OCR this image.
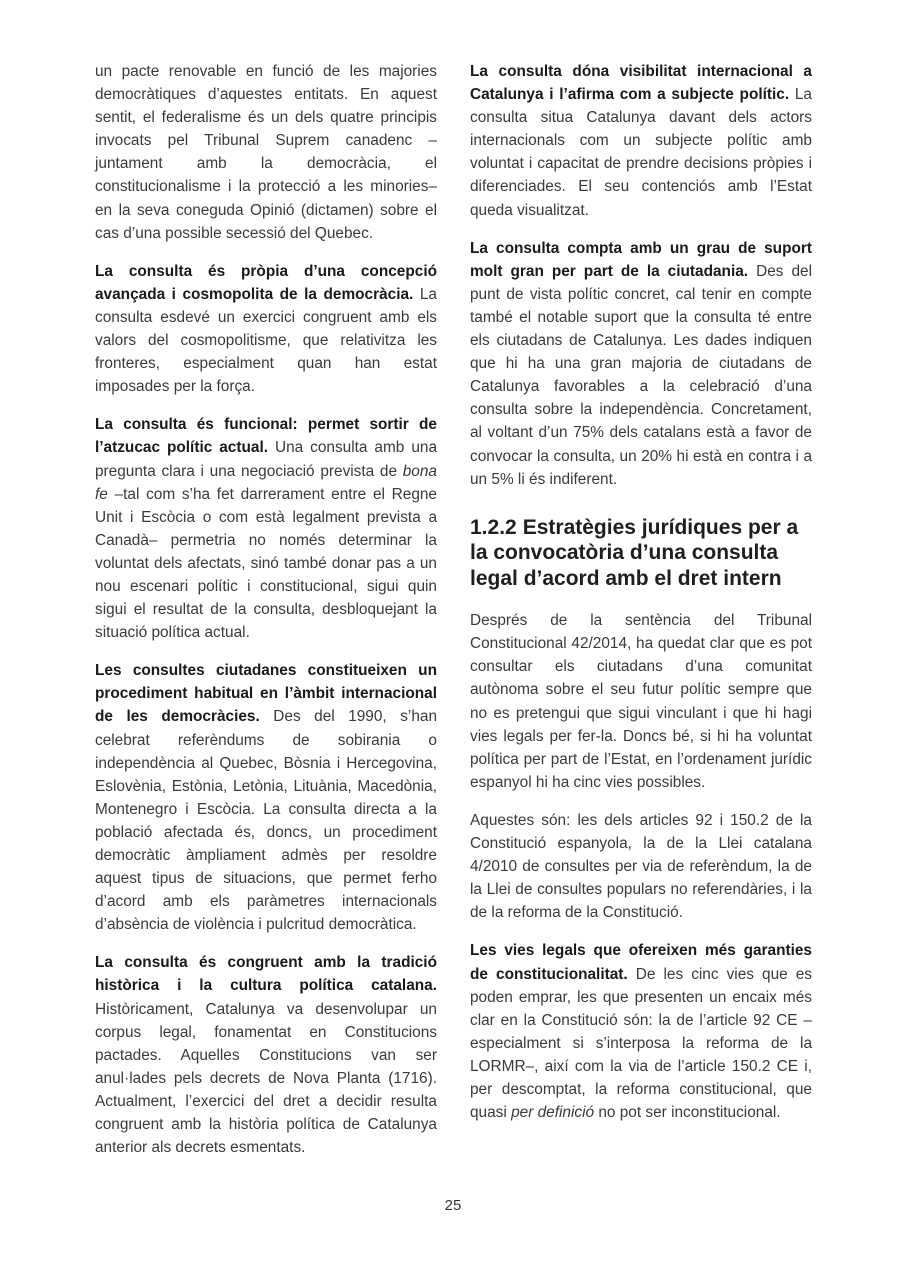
un pacte renovable en funció de les majories democràtiques d’aquestes entitats. En aquest sentit, el federalisme és un dels quatre principis invocats pel Tribunal Suprem canadenc –juntament amb la democràcia, el constitucionalisme i la protecció a les minories– en la seva coneguda Opinió (dictamen) sobre el cas d’una possible secessió del Quebec.

La consulta és pròpia d’una concepció avançada i cosmopolita de la democràcia. La consulta esdevé un exercici congruent amb els valors del cosmopolitisme, que relativitza les fronteres, especialment quan han estat imposades per la força.

La consulta és funcional: permet sortir de l’atzucac polític actual. Una consulta amb una pregunta clara i una negociació prevista de bona fe –tal com s’ha fet darrerament entre el Regne Unit i Escòcia o com està legalment prevista a Canadà– permetria no només determinar la voluntat dels afectats, sinó també donar pas a un nou escenari polític i constitucional, sigui quin sigui el resultat de la consulta, desbloquejant la situació política actual.

Les consultes ciutadanes constitueixen un procediment habitual en l’àmbit internacional de les democràcies. Des del 1990, s’han celebrat referèndums de sobirania o independència al Quebec, Bòsnia i Hercegovina, Eslovènia, Estònia, Letònia, Lituània, Macedònia, Montenegro i Escòcia. La consulta directa a la població afectada és, doncs, un procediment democràtic àmpliament admès per resoldre aquest tipus de situacions, que permet ferho d’acord amb els paràmetres internacionals d’absència de violència i pulcritud democràtica.

La consulta és congruent amb la tradició històrica i la cultura política catalana. Històricament, Catalunya va desenvolupar un corpus legal, fonamentat en Constitucions pactades. Aquelles Constitucions van ser anul·lades pels decrets de Nova Planta (1716). Actualment, l’exercici del dret a decidir resulta congruent amb la història política de Catalunya anterior als decrets esmentats.

La consulta dóna visibilitat internacional a Catalunya i l’afirma com a subjecte polític. La consulta situa Catalunya davant dels actors internacionals com un subjecte polític amb voluntat i capacitat de prendre decisions pròpies i diferenciades. El seu contenciós amb l’Estat queda visualitzat.

La consulta compta amb un grau de suport molt gran per part de la ciutadania. Des del punt de vista polític concret, cal tenir en compte també el notable suport que la consulta té entre els ciutadans de Catalunya. Les dades indiquen que hi ha una gran majoria de ciutadans de Catalunya favorables a la celebració d’una consulta sobre la independència. Concretament, al voltant d’un 75% dels catalans està a favor de convocar la consulta, un 20% hi està en contra i a un 5% li és indiferent.

1.2.2 Estratègies jurídiques per a la convocatòria d’una consulta legal d’acord amb el dret intern

Després de la sentència del Tribunal Constitucional 42/2014, ha quedat clar que es pot consultar els ciutadans d’una comunitat autònoma sobre el seu futur polític sempre que no es pretengui que sigui vinculant i que hi hagi vies legals per fer-la. Doncs bé, si hi ha voluntat política per part de l’Estat, en l’ordenament jurídic espanyol hi ha cinc vies possibles.

Aquestes són: les dels articles 92 i 150.2 de la Constitució espanyola, la de la Llei catalana 4/2010 de consultes per via de referèndum, la de la Llei de consultes populars no referendàries, i la de la reforma de la Constitució.

Les vies legals que ofereixen més garanties de constitucionalitat. De les cinc vies que es poden emprar, les que presenten un encaix més clar en la Constitució són: la de l’article 92 CE –especialment si s’interposa la reforma de la LORMR–, així com la via de l’article 150.2 CE i, per descomptat, la reforma constitucional, que quasi per definició no pot ser inconstitucional.

25
